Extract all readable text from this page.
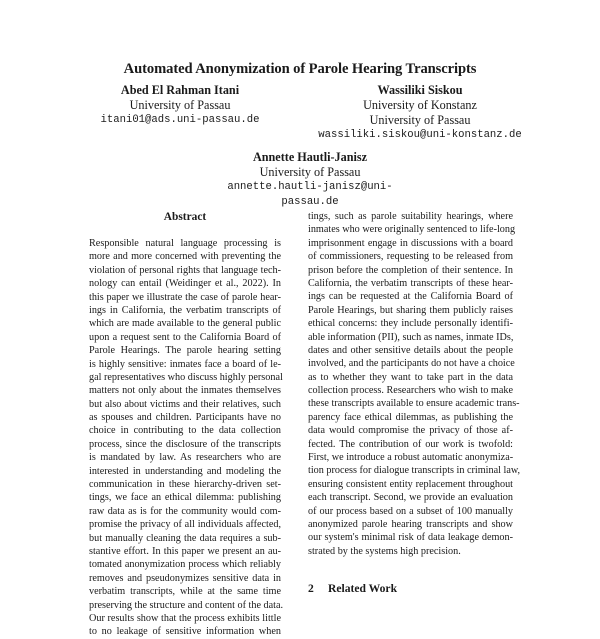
Automated Anonymization of Parole Hearing Transcripts
Abed El Rahman Itani
University of Passau
itani01@ads.uni-passau.de
Wassiliki Siskou
University of Konstanz
University of Passau
wassiliki.siskou@uni-konstanz.de
Annette Hautli-Janisz
University of Passau
annette.hautli-janisz@uni-passau.de
Abstract
Responsible natural language processing is
more and more concerned with preventing the
violation of personal rights that language tech-
nology can entail (Weidinger et al., 2022). In
this paper we illustrate the case of parole hear-
ings in California, the verbatim transcripts of
which are made available to the general public
upon a request sent to the California Board of
Parole Hearings. The parole hearing setting
is highly sensitive: inmates face a board of le-
gal representatives who discuss highly personal
matters not only about the inmates themselves
but also about victims and their relatives, such
as spouses and children. Participants have no
choice in contributing to the data collection
process, since the disclosure of the transcripts
is mandated by law. As researchers who are
interested in understanding and modeling the
communication in these hierarchy-driven set-
tings, we face an ethical dilemma: publishing
raw data as is for the community would com-
promise the privacy of all individuals affected,
but manually cleaning the data requires a sub-
stantive effort. In this paper we present an au-
tomated anonymization process which reliably
removes and pseudonymizes sensitive data in
verbatim transcripts, while at the same time
preserving the structure and content of the data.
Our results show that the process exhibits little
to no leakage of sensitive information when
tings, such as parole suitability hearings, where
inmates who were originally sentenced to life-long
imprisonment engage in discussions with a board
of commissioners, requesting to be released from
prison before the completion of their sentence. In
California, the verbatim transcripts of these hear-
ings can be requested at the California Board of
Parole Hearings, but sharing them publicly raises
ethical concerns: they include personally identifi-
able information (PII), such as names, inmate IDs,
dates and other sensitive details about the people
involved, and the participants do not have a choice
as to whether they want to take part in the data
collection process. Researchers who wish to make
these transcripts available to ensure academic trans-
parency face ethical dilemmas, as publishing the
data would compromise the privacy of those af-
fected. The contribution of our work is twofold:
First, we introduce a robust automatic anonymiza-
tion process for dialogue transcripts in criminal law,
ensuring consistent entity replacement throughout
each transcript. Second, we provide an evaluation
of our process based on a subset of 100 manually
anonymized parole hearing transcripts and show
our system's minimal risk of data leakage demon-
strated by the systems high precision.
2 Related Work
